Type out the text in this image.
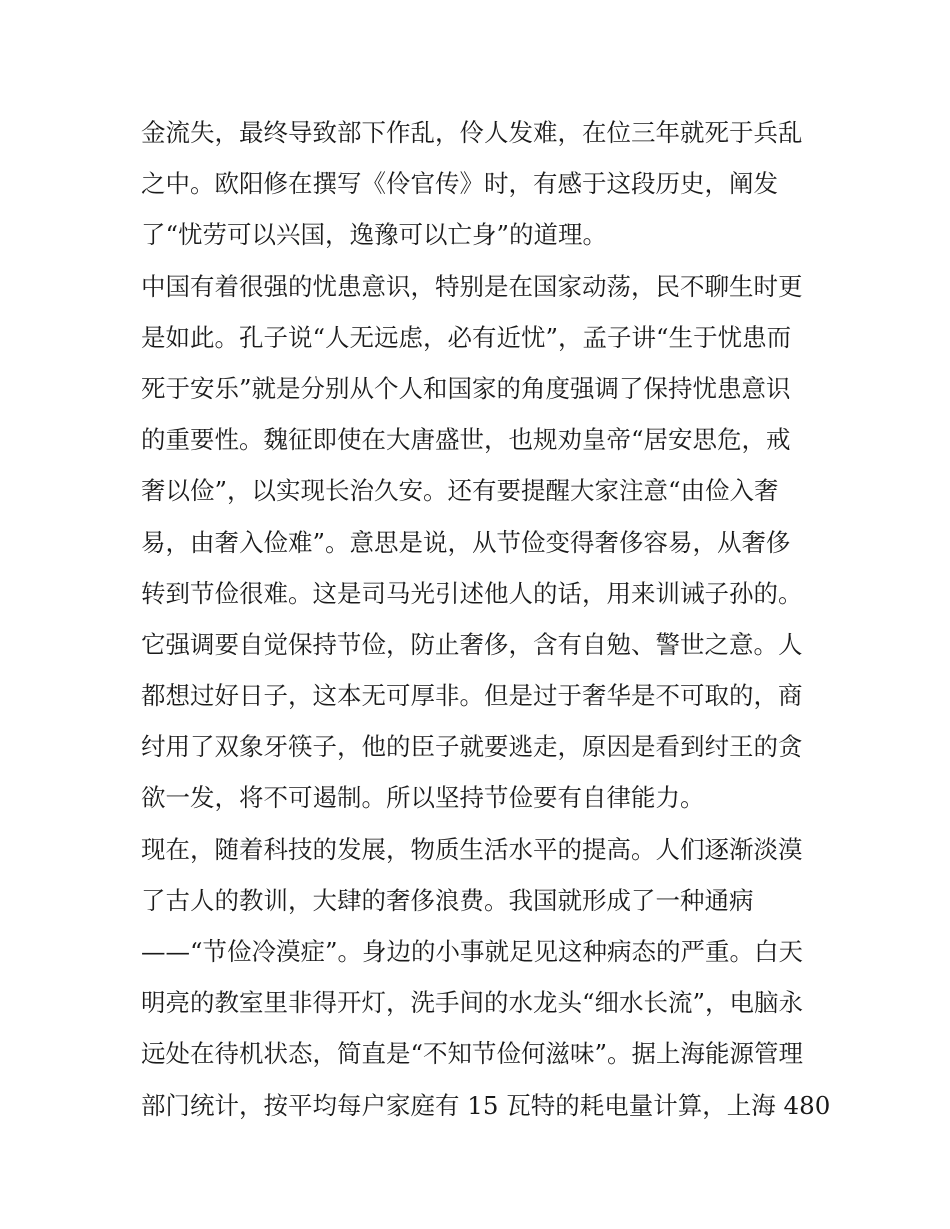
金流失，最终导致部下作乱，伶人发难，在位三年就死于兵乱
之中。欧阳修在撰写《伶官传》时，有感于这段历史，阐发
了“忧劳可以兴国，逸豫可以亡身”的道理。
中国有着很强的忧患意识，特别是在国家动荡，民不聊生时更
是如此。孔子说“人无远虑，必有近忧”，孟子讲“生于忧患而
死于安乐”就是分别从个人和国家的角度强调了保持忧患意识
的重要性。魏征即使在大唐盛世，也规劝皇帝“居安思危，戒
奢以俭”，以实现长治久安。还有要提醒大家注意“由俭入奢
易，由奢入俭难”。意思是说，从节俭变得奢侈容易，从奢侈
转到节俭很难。这是司马光引述他人的话，用来训诫子孙的。
它强调要自觉保持节俭，防止奢侈，含有自勉、警世之意。人
都想过好日子，这本无可厚非。但是过于奢华是不可取的，商
纣用了双象牙筷子，他的臣子就要逃走，原因是看到纣王的贪
欲一发，将不可遏制。所以坚持节俭要有自律能力。
现在，随着科技的发展，物质生活水平的提高。人们逐渐淡漠
了古人的教训，大肆的奢侈浪费。我国就形成了一种通病
——“节俭冷漠症”。身边的小事就足见这种病态的严重。白天
明亮的教室里非得开灯，洗手间的水龙头“细水长流”，电脑永
远处在待机状态，简直是“不知节俭何滋味”。据上海能源管理
部门统计，按平均每户家庭有 15 瓦特的耗电量计算，上海 480
